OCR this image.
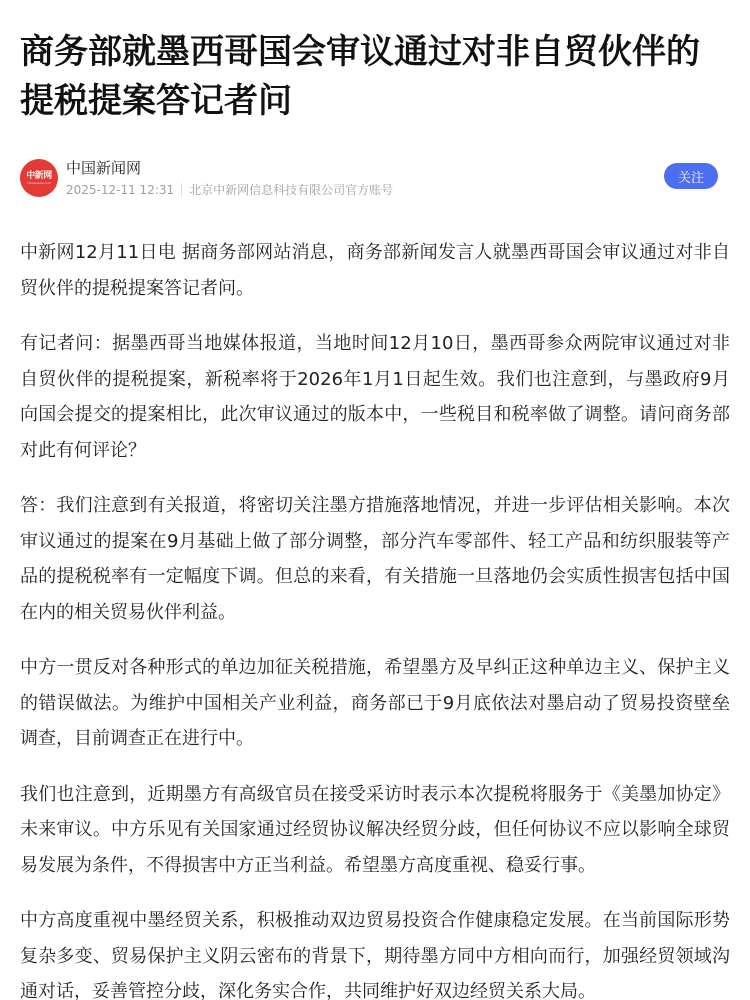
商务部就墨西哥国会审议通过对非自贸伙伴的提税提案答记者问
中新网
chinanews.com
中国新闻网
2025-12-11 12:31 北京中新网信息科技有限公司官方账号
关注

中新网12月11日电 据商务部网站消息，商务部新闻发言人就墨西哥国会审议通过对非自贸伙伴的提税提案答记者问。

有记者问：据墨西哥当地媒体报道，当地时间12月10日，墨西哥参众两院审议通过对非自贸伙伴的提税提案，新税率将于2026年1月1日起生效。我们也注意到，与墨政府9月向国会提交的提案相比，此次审议通过的版本中，一些税目和税率做了调整。请问商务部对此有何评论？

答：我们注意到有关报道，将密切关注墨方措施落地情况，并进一步评估相关影响。本次审议通过的提案在9月基础上做了部分调整，部分汽车零部件、轻工产品和纺织服装等产品的提税税率有一定幅度下调。但总的来看，有关措施一旦落地仍会实质性损害包括中国在内的相关贸易伙伴利益。

中方一贯反对各种形式的单边加征关税措施，希望墨方及早纠正这种单边主义、保护主义的错误做法。为维护中国相关产业利益，商务部已于9月底依法对墨启动了贸易投资壁垒调查，目前调查正在进行中。

我们也注意到，近期墨方有高级官员在接受采访时表示本次提税将服务于《美墨加协定》未来审议。中方乐见有关国家通过经贸协议解决经贸分歧，但任何协议不应以影响全球贸易发展为条件，不得损害中方正当利益。希望墨方高度重视、稳妥行事。

中方高度重视中墨经贸关系，积极推动双边贸易投资合作健康稳定发展。在当前国际形势复杂多变、贸易保护主义阴云密布的背景下，期待墨方同中方相向而行，加强经贸领域沟通对话，妥善管控分歧，深化务实合作，共同维护好双边经贸关系大局。
